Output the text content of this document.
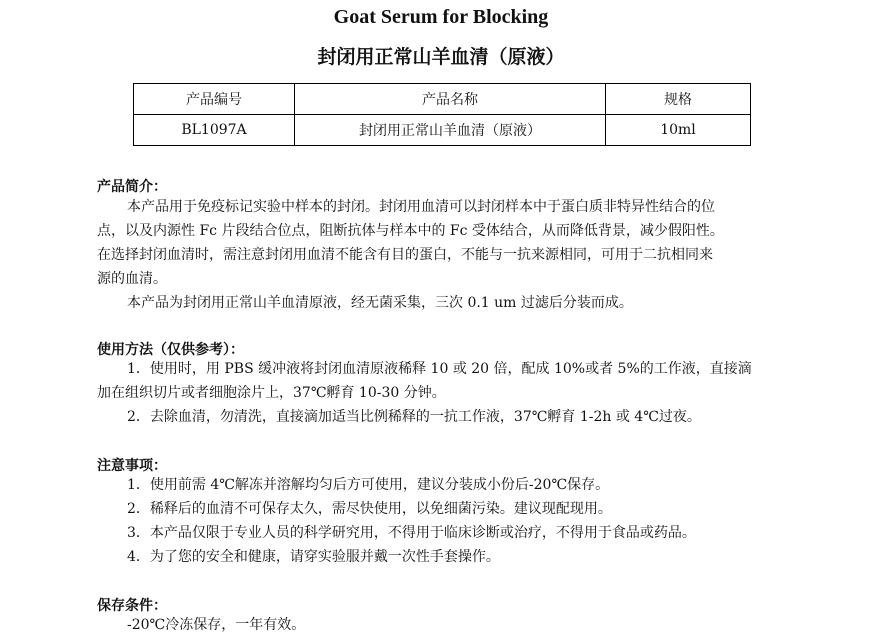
Goat Serum for Blocking
封闭用正常山羊血清（原液）
产品编号	产品名称	规格
BL1097A	封闭用正常山羊血清（原液）	10ml
产品简介：
本产品用于免疫标记实验中样本的封闭。封闭用血清可以封闭样本中于蛋白质非特异性结合的位
点，以及内源性 Fc 片段结合位点，阻断抗体与样本中的 Fc 受体结合，从而降低背景，减少假阳性。
在选择封闭血清时，需注意封闭用血清不能含有目的蛋白，不能与一抗来源相同，可用于二抗相同来
源的血清。
本产品为封闭用正常山羊血清原液，经无菌采集，三次 0.1 um 过滤后分装而成。
使用方法（仅供参考）：
1．使用时，用 PBS 缓冲液将封闭血清原液稀释 10 或 20 倍，配成 10%或者 5%的工作液，直接滴
加在组织切片或者细胞涂片上，37℃孵育 10-30 分钟。
2．去除血清，勿清洗，直接滴加适当比例稀释的一抗工作液，37℃孵育 1-2h 或 4℃过夜。
注意事项：
1．使用前需 4℃解冻并溶解均匀后方可使用，建议分装成小份后-20℃保存。
2．稀释后的血清不可保存太久，需尽快使用，以免细菌污染。建议现配现用。
3．本产品仅限于专业人员的科学研究用，不得用于临床诊断或治疗，不得用于食品或药品。
4．为了您的安全和健康，请穿实验服并戴一次性手套操作。
保存条件：
-20℃冷冻保存，一年有效。
